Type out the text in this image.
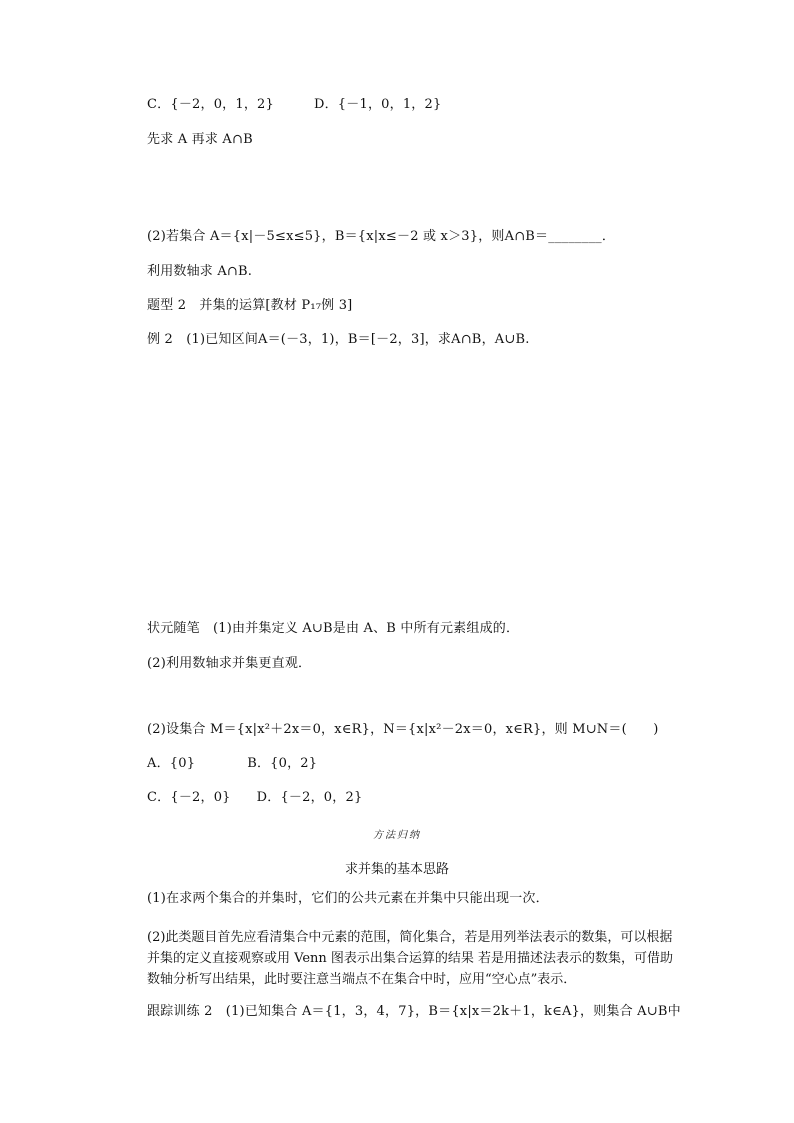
C．{－2，0，1，2}	D．{－1，0，1，2}
先求 A 再求 A∩B
(2)若集合 A＝{x|－5≤x≤5}，B＝{x|x≤－2 或 x＞3}，则A∩B＝________．
利用数轴求 A∩B.
题型 2　并集的运算[教材 P₁₇例 3]
例 2　(1)已知区间A＝(－3，1)，B＝[－2，3]，求A∩B，A∪B.
状元随笔　(1)由并集定义 A∪B是由 A、B 中所有元素组成的．
(2)利用数轴求并集更直观．
(2)设集合 M＝{x|x²＋2x＝0，x∈R}，N＝{x|x²－2x＝0，x∈R}，则 M∪N＝(　　)
A．{0}	B．{0，2}
C．{－2，0} D．{－2，0，2}
方法归纳
求并集的基本思路
(1)在求两个集合的并集时，它们的公共元素在并集中只能出现一次．
(2)此类题目首先应看清集合中元素的范围，简化集合，若是用列举法表示的数集，可以根据并集的定义直接观察或用 Venn 图表示出集合运算的结果 若是用描述法表示的数集，可借助数轴分析写出结果，此时要注意当端点不在集合中时，应用“空心点”表示．
跟踪训练 2　(1)已知集合 A＝{1，3，4，7}，B＝{x|x＝2k＋1，k∈A}，则集合 A∪B中
